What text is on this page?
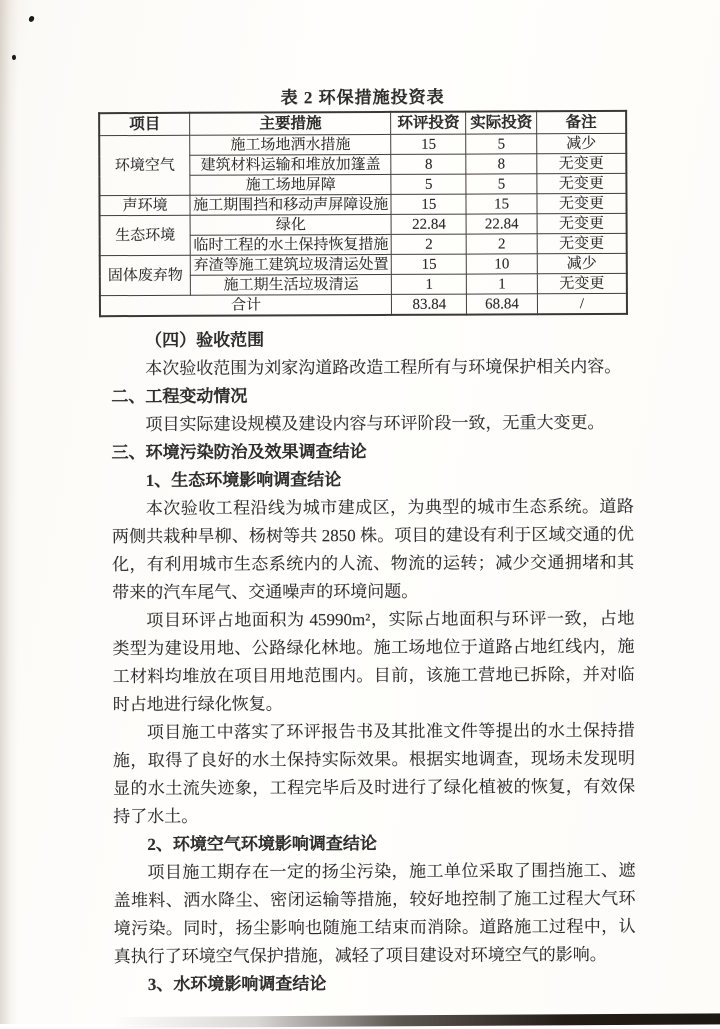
表 2 环保措施投资表
项目	主要措施	环评投资	实际投资	备注
环境空气	施工场地洒水措施	15	5	减少
	建筑材料运输和堆放加篷盖	8	8	无变更
	施工场地屏障	5	5	无变更
声环境	施工期围挡和移动声屏障设施	15	15	无变更
生态环境	绿化	22.84	22.84	无变更
	临时工程的水土保持恢复措施	2	2	无变更
固体废弃物	弃渣等施工建筑垃圾清运处置	15	10	减少
	施工期生活垃圾清运	1	1	无变更
合计		83.84	68.84	/
（四）验收范围
本次验收范围为刘家沟道路改造工程所有与环境保护相关内容。
二、工程变动情况
项目实际建设规模及建设内容与环评阶段一致，无重大变更。
三、环境污染防治及效果调查结论
1、生态环境影响调查结论
本次验收工程沿线为城市建成区，为典型的城市生态系统。道路两侧共栽种旱柳、杨树等共 2850 株。项目的建设有利于区域交通的优化，有利用城市生态系统内的人流、物流的运转；减少交通拥堵和其带来的汽车尾气、交通噪声的环境问题。
项目环评占地面积为 45990m²，实际占地面积与环评一致，占地类型为建设用地、公路绿化林地。施工场地位于道路占地红线内，施工材料均堆放在项目用地范围内。目前，该施工营地已拆除，并对临时占地进行绿化恢复。
项目施工中落实了环评报告书及其批准文件等提出的水土保持措施，取得了良好的水土保持实际效果。根据实地调查，现场未发现明显的水土流失迹象，工程完毕后及时进行了绿化植被的恢复，有效保持了水土。
2、环境空气环境影响调查结论
项目施工期存在一定的扬尘污染，施工单位采取了围挡施工、遮盖堆料、洒水降尘、密闭运输等措施，较好地控制了施工过程大气环境污染。同时，扬尘影响也随施工结束而消除。道路施工过程中，认真执行了环境空气保护措施，减轻了项目建设对环境空气的影响。
3、水环境影响调查结论
